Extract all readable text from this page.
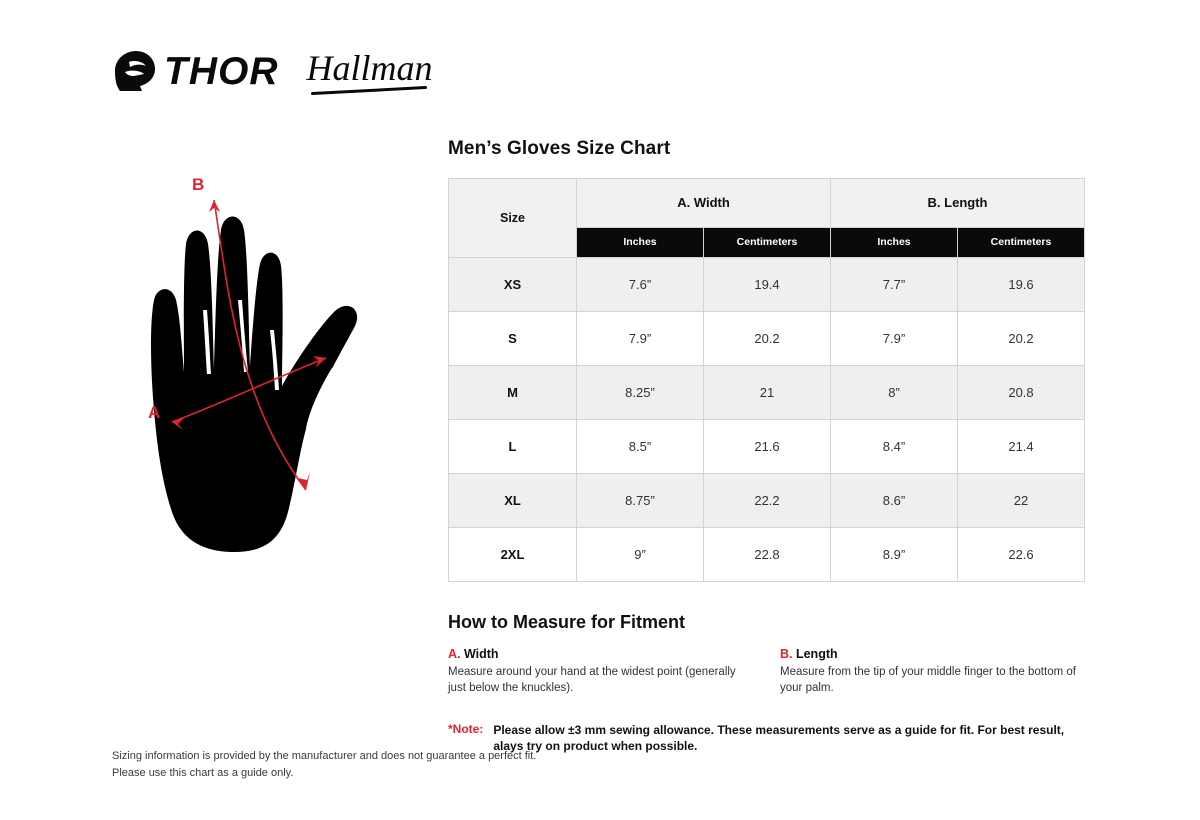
THOR Hallman
B
A
Men’s Gloves Size Chart
Size	A. Width		B. Length	
	Inches	Centimeters	Inches	Centimeters
XS	7.6”	19.4	7.7”	19.6
S	7.9”	20.2	7.9”	20.2
M	8.25”	21	8”	20.8
L	8.5”	21.6	8.4”	21.4
XL	8.75”	22.2	8.6”	22
2XL	9”	22.8	8.9”	22.6
How to Measure for Fitment
A. Width
Measure around your hand at the widest point (generally just below the knuckles).
B. Length
Measure from the tip of your middle finger to the bottom of your palm.
*Note: Please allow ±3 mm sewing allowance. These measurements serve as a guide for fit. For best result, alays try on product when possible.
Sizing information is provided by the manufacturer and does not guarantee a perfect fit.
Please use this chart as a guide only.
